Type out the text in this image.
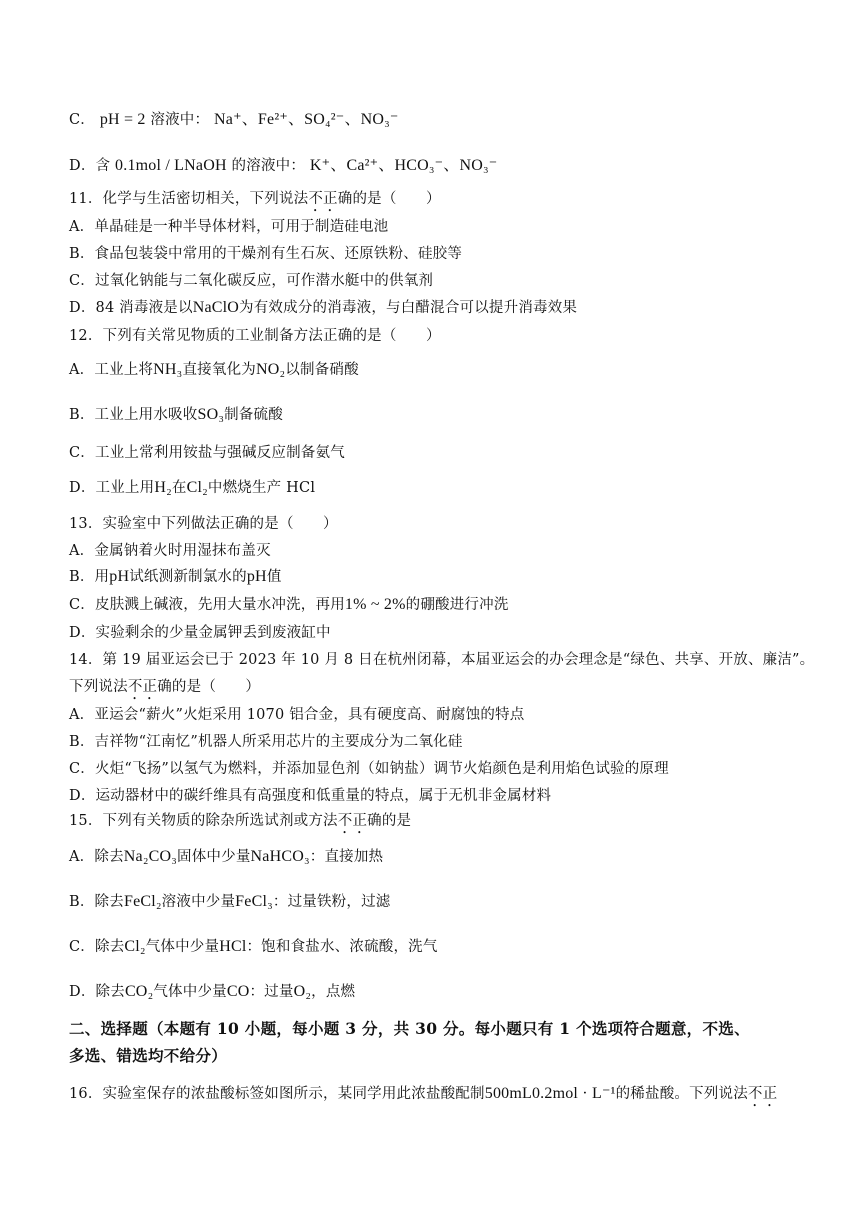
C． pH = 2 溶液中： Na⁺、Fe²⁺、SO₄²⁻、NO₃⁻
D．含 0.1mol / LNaOH 的溶液中： K⁺、Ca²⁺、HCO₃⁻、NO₃⁻
11．化学与生活密切相关，下列说法不正确的是（　　）
A．单晶硅是一种半导体材料，可用于制造硅电池
B．食品包装袋中常用的干燥剂有生石灰、还原铁粉、硅胶等
C．过氧化钠能与二氧化碳反应，可作潜水艇中的供氧剂
D．84 消毒液是以NaClO为有效成分的消毒液，与白醋混合可以提升消毒效果
12．下列有关常见物质的工业制备方法正确的是（　　）
A．工业上将NH₃直接氧化为NO₂以制备硝酸
B．工业上用水吸收SO₃制备硫酸
C．工业上常利用铵盐与强碱反应制备氨气
D．工业上用H₂在Cl₂中燃烧生产 HCl
13．实验室中下列做法正确的是（　　）
A．金属钠着火时用湿抹布盖灭
B．用pH试纸测新制氯水的pH值
C．皮肤溅上碱液，先用大量水冲洗，再用1% ~ 2%的硼酸进行冲洗
D．实验剩余的少量金属钾丢到废液缸中
14．第 19 届亚运会已于 2023 年 10 月 8 日在杭州闭幕，本届亚运会的办会理念是“绿色、共享、开放、廉洁”。
下列说法不正确的是（　　）
A．亚运会“薪火”火炬采用 1070 铝合金，具有硬度高、耐腐蚀的特点
B．吉祥物“江南忆”机器人所采用芯片的主要成分为二氧化硅
C．火炬“飞扬”以氢气为燃料，并添加显色剂（如钠盐）调节火焰颜色是利用焰色试验的原理
D．运动器材中的碳纤维具有高强度和低重量的特点，属于无机非金属材料
15．下列有关物质的除杂所选试剂或方法不正确的是
A．除去Na₂CO₃固体中少量NaHCO₃：直接加热
B．除去FeCl₂溶液中少量FeCl₃：过量铁粉，过滤
C．除去Cl₂气体中少量HCl：饱和食盐水、浓硫酸，洗气
D．除去CO₂气体中少量CO：过量O₂，点燃
二、选择题（本题有 10 小题，每小题 3 分，共 30 分。每小题只有 1 个选项符合题意，不选、
多选、错选均不给分）
16．实验室保存的浓盐酸标签如图所示，某同学用此浓盐酸配制500mL0.2mol · L⁻¹的稀盐酸。下列说法不正
